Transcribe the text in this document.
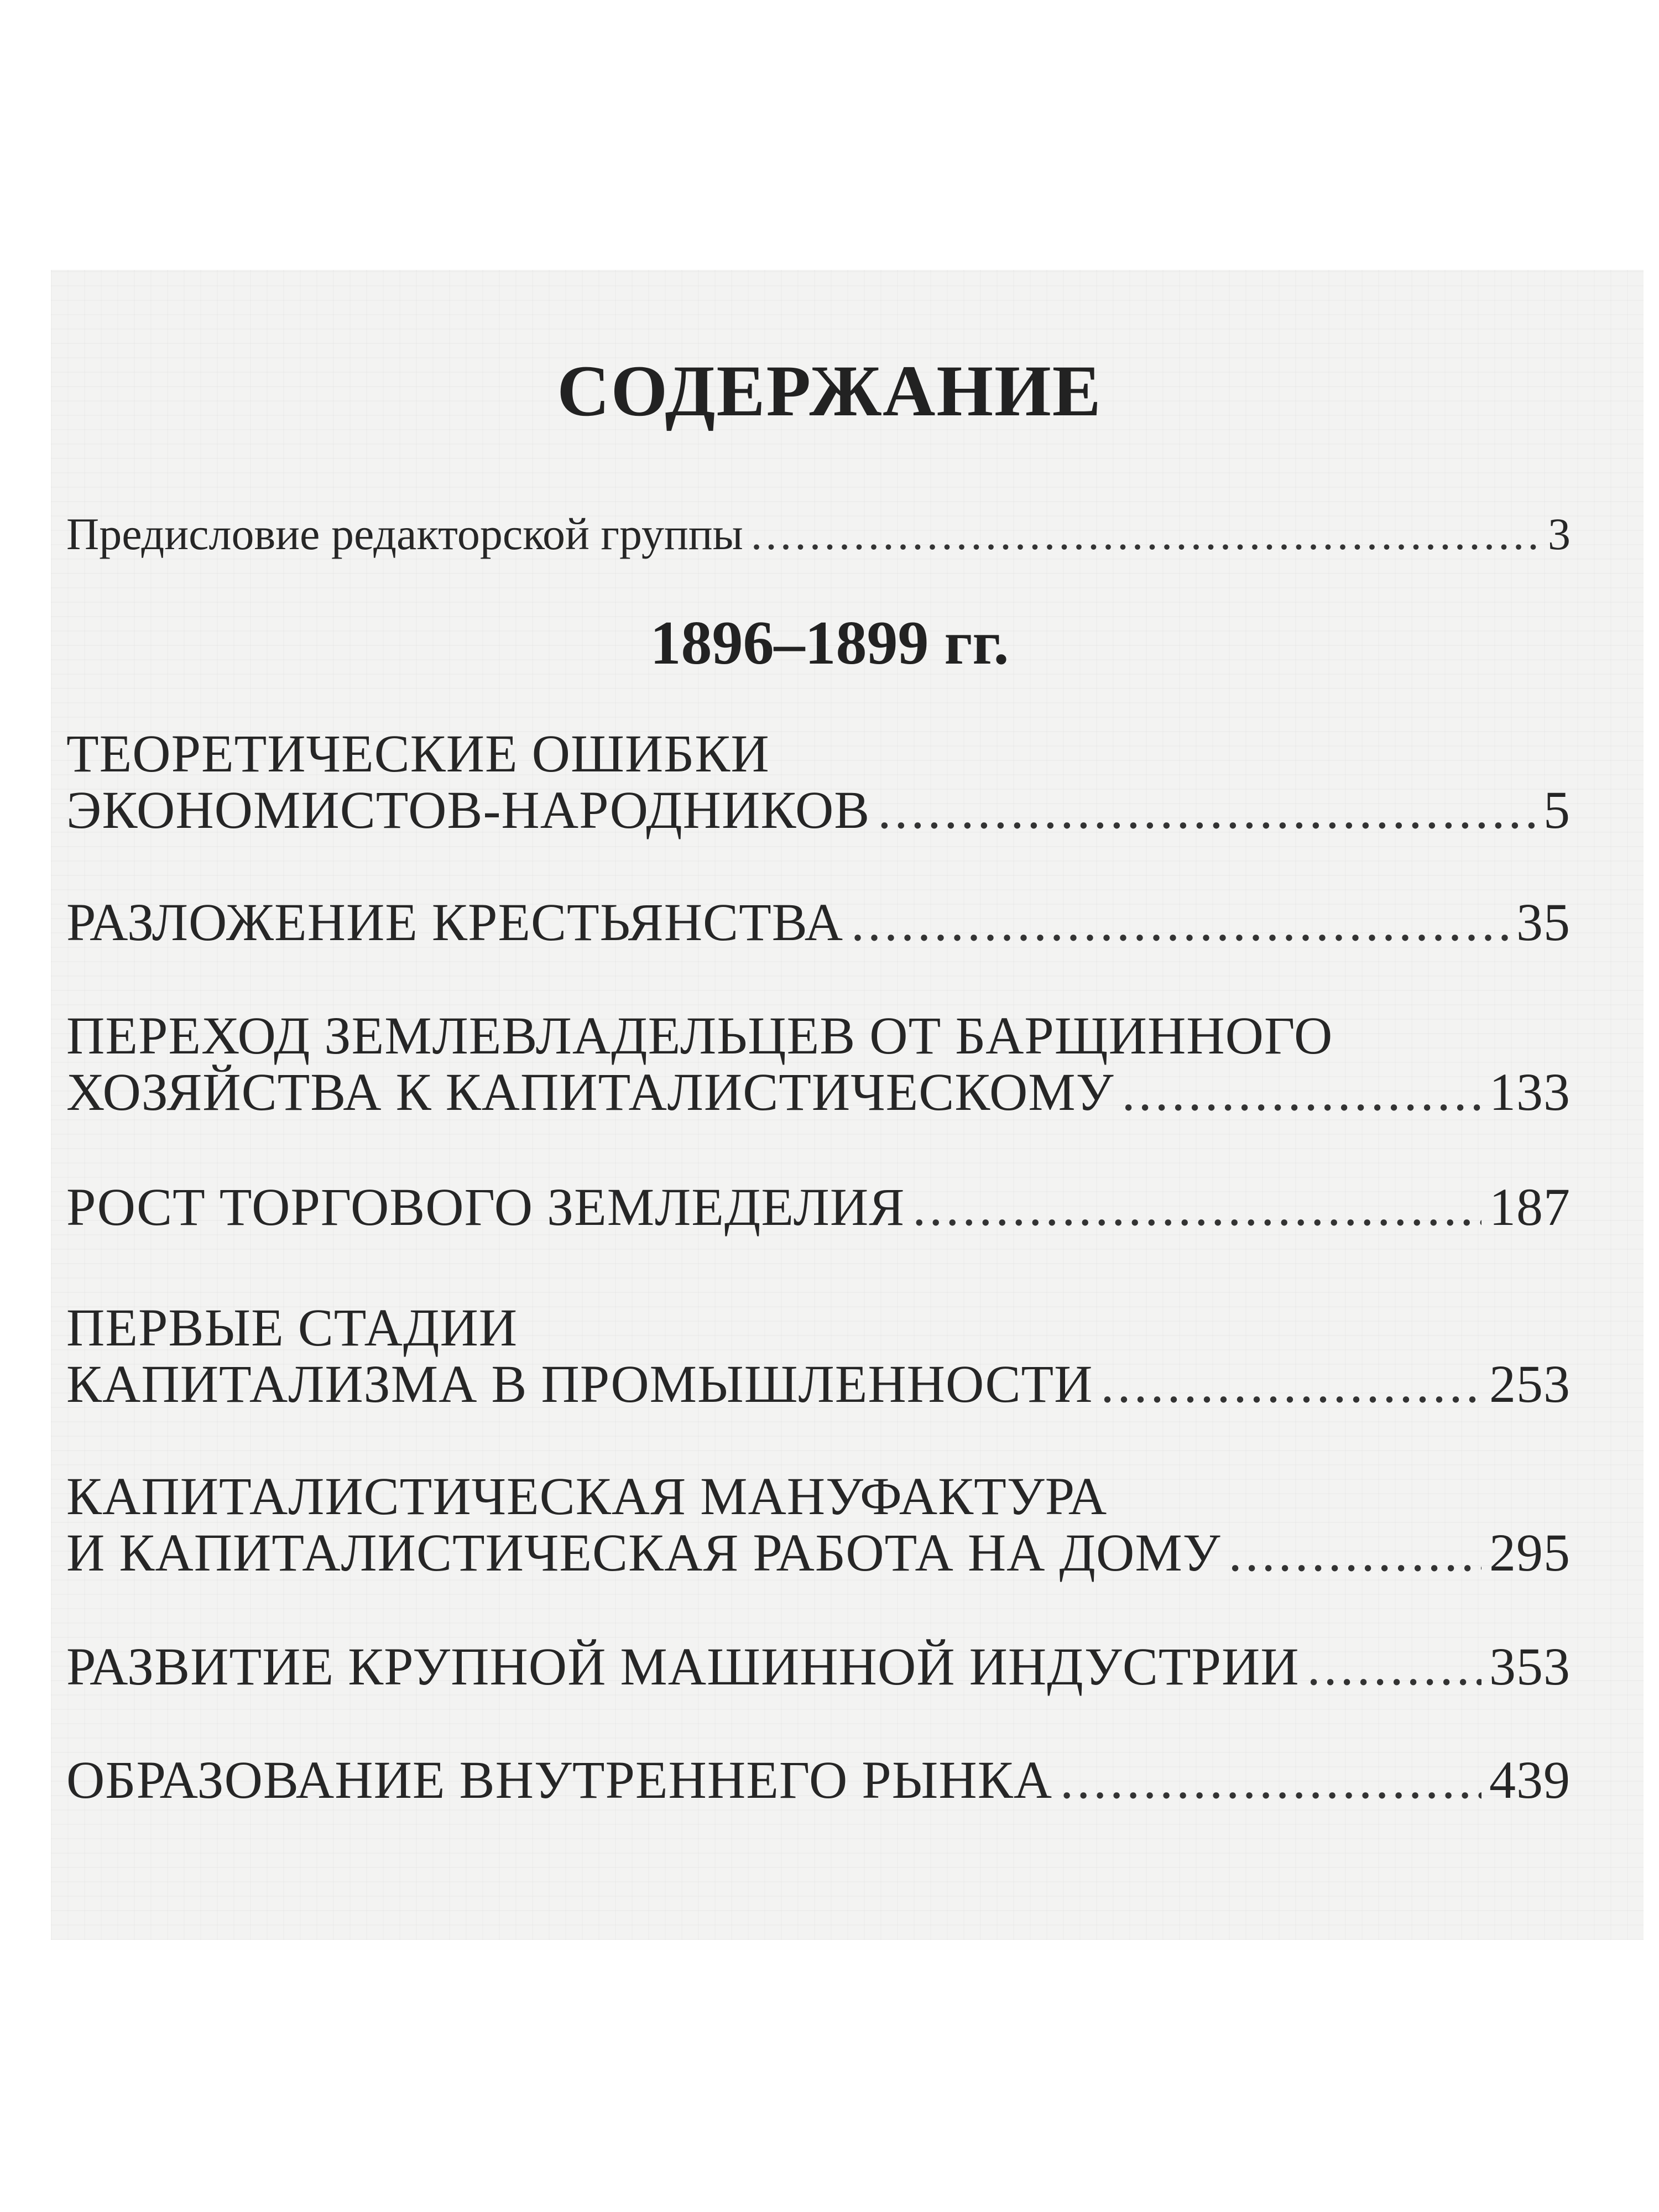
СОДЕРЖАНИЕ
Предисловие редакторской группы .....	3
1896–1899 гг.
ТЕОРЕТИЧЕСКИЕ ОШИБКИ
ЭКОНОМИСТОВ-НАРОДНИКОВ .....	5
РАЗЛОЖЕНИЕ КРЕСТЬЯНСТВА .....	35
ПЕРЕХОД ЗЕМЛЕВЛАДЕЛЬЦЕВ ОТ БАРЩИННОГО
ХОЗЯЙСТВА К КАПИТАЛИСТИЧЕСКОМУ .....	133
РОСТ ТОРГОВОГО ЗЕМЛЕДЕЛИЯ .....	187
ПЕРВЫЕ СТАДИИ
КАПИТАЛИЗМА В ПРОМЫШЛЕННОСТИ .....	253
КАПИТАЛИСТИЧЕСКАЯ МАНУФАКТУРА
И КАПИТАЛИСТИЧЕСКАЯ РАБОТА НА ДОМУ .....	295
РАЗВИТИЕ КРУПНОЙ МАШИННОЙ ИНДУСТРИИ .....	353
ОБРАЗОВАНИЕ ВНУТРЕННЕГО РЫНКА .....	439
